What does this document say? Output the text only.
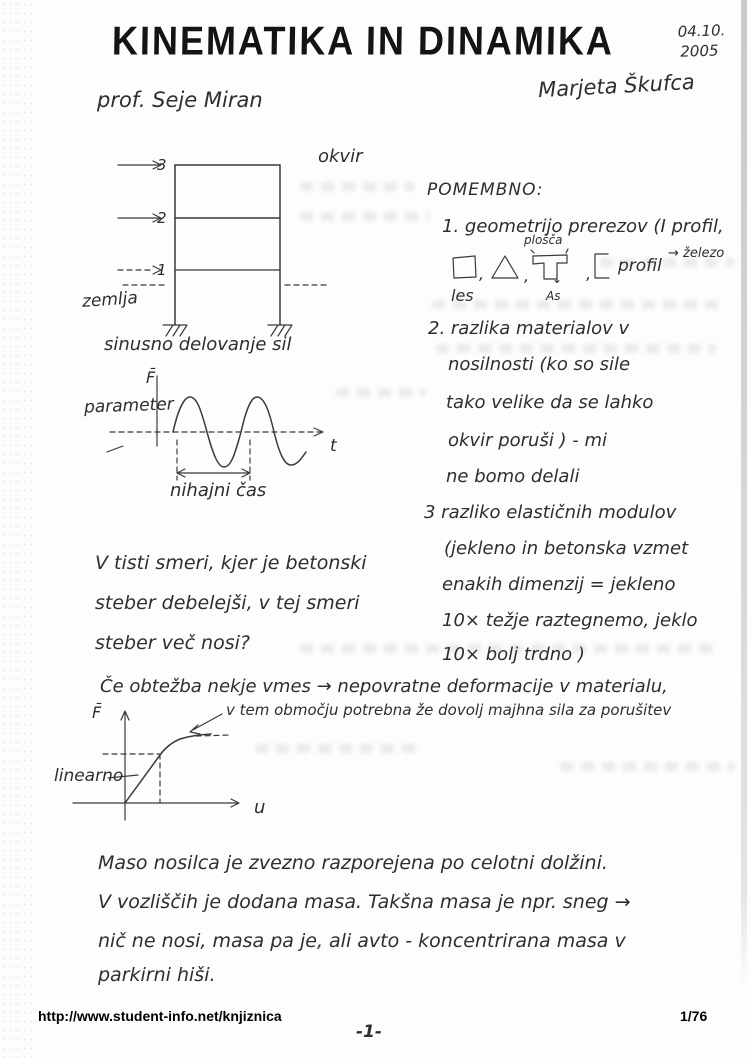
KINEMATIKA IN DINAMIKA	04.10.
2005
Marjeta Škufca
prof. Seje Miran
okvir
3
2
1
zemlja
sinusno delovanje sil
F̄
t
parameter
nihajni čas
POMEMBNO:
1. geometrijo prerezov (I profil,
les
, ,
plošča
↓
As
, profil
→ železo
2. razlika materialov v
nosilnosti (ko so sile
tako velike da se lahko
okvir poruši ) - mi
ne bomo delali
3 razliko elastičnih modulov
(jekleno in betonska vzmet
enakih dimenzij = jekleno
10× težje raztegnemo, jeklo
10× bolj trdno )
V tisti smeri, kjer je betonski
steber debelejši, v tej smeri
steber več nosi?
Če obtežba nekje vmes → nepovratne deformacije v materialu,
v tem območju potrebna že dovolj majhna sila za porušitev
F̄
u
linearno
Maso nosilca je zvezno razporejena po celotni dolžini.
V vozliščih je dodana masa. Takšna masa je npr. sneg →
nič ne nosi, masa pa je, ali avto - koncentrirana masa v
parkirni hiši.
http://www.student-info.net/knjiznica	1/76
-1-
